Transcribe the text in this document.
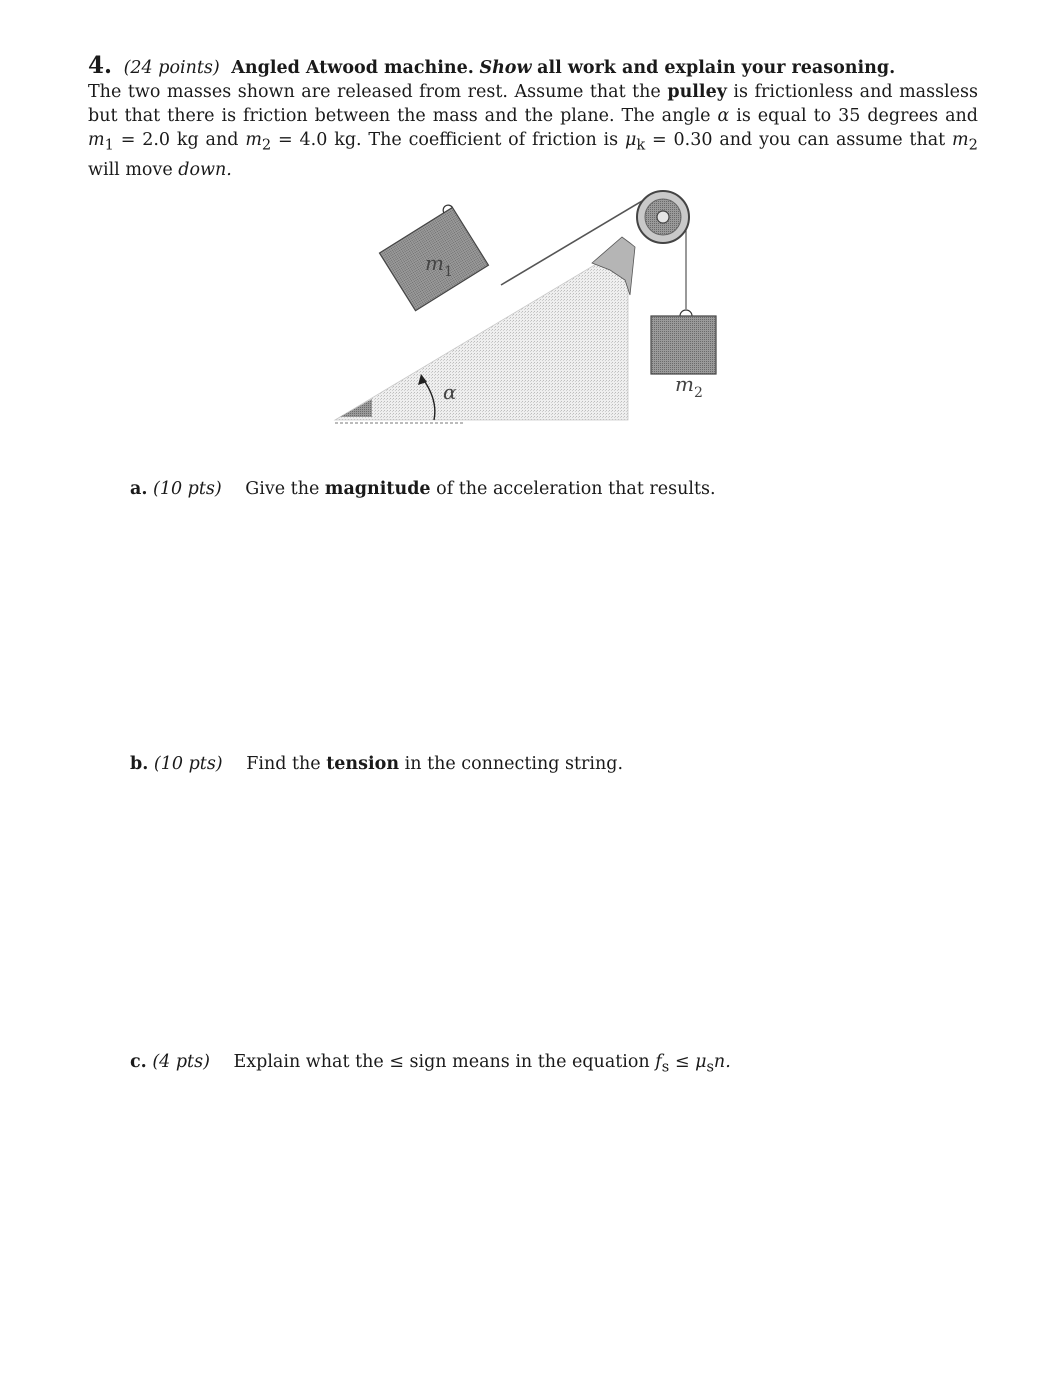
4. (24 points) Angled Atwood machine. Show all work and explain your reasoning.
The two masses shown are released from rest. Assume that the pulley is frictionless and massless but that there is friction between the mass and the plane. The angle α is equal to 35 degrees and $m_1 = 2.0$ kg and $m_2 = 4.0$ kg. The coefficient of friction is $\mu_k = 0.30$ and you can assume that $m_2$ will move down.
$m_1$
$m_2$
α
a. (10 pts) Give the magnitude of the acceleration that results.
b. (10 pts) Find the tension in the connecting string.
c. (4 pts) Explain what the ≤ sign means in the equation $f_s \le \mu_sn$.
